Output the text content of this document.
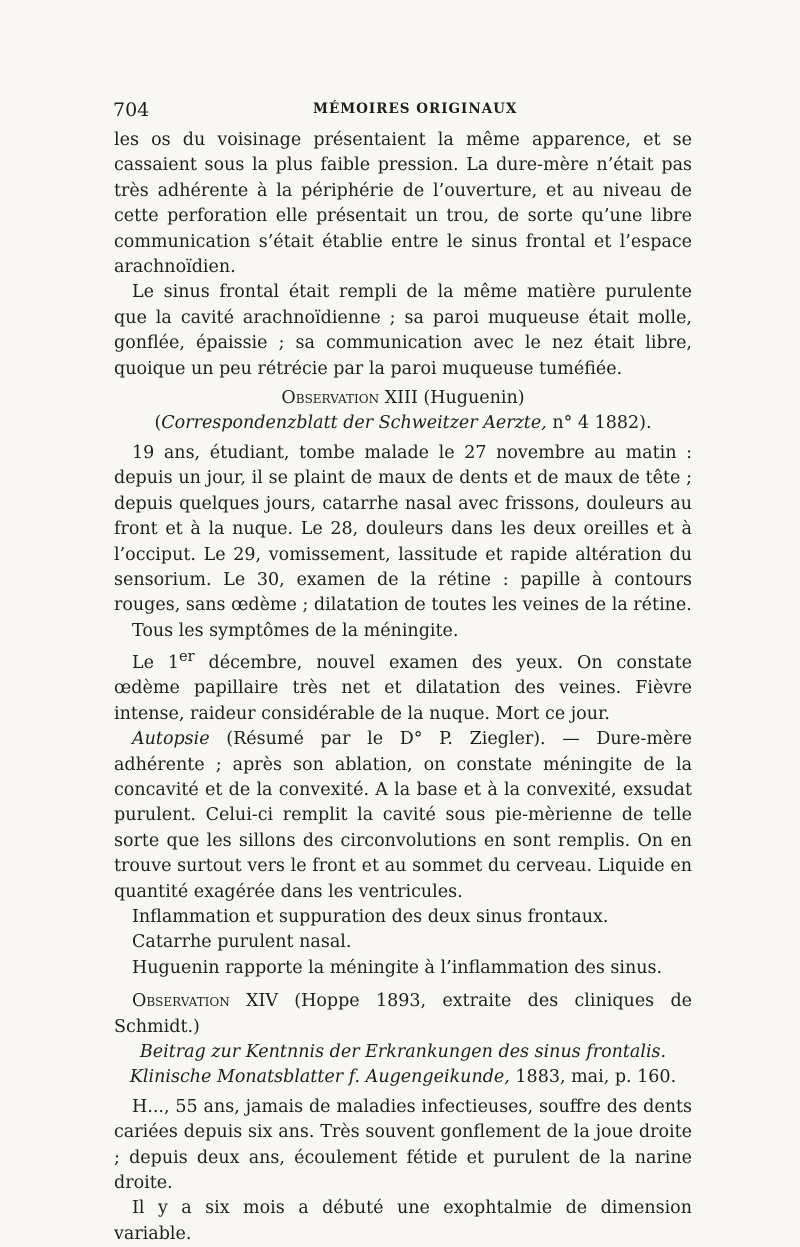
704	MÉMOIRES ORIGINAUX

les os du voisinage présentaient la même apparence, et se cassaient sous la plus faible pression. La dure-mère n’était pas très adhérente à la périphérie de l’ouverture, et au niveau de cette perforation elle présentait un trou, de sorte qu’une libre communication s’était établie entre le sinus frontal et l’espace arachnoïdien.

Le sinus frontal était rempli de la même matière purulente que la cavité arachnoïdienne ; sa paroi muqueuse était molle, gonflée, épaissie ; sa communication avec le nez était libre, quoique un peu rétrécie par la paroi muqueuse tuméfiée.

Observation XIII (Huguenin)

(Correspondenzblatt der Schweitzer Aerzte, n° 4 1882).

19 ans, étudiant, tombe malade le 27 novembre au matin : depuis un jour, il se plaint de maux de dents et de maux de tête ; depuis quelques jours, catarrhe nasal avec frissons, douleurs au front et à la nuque. Le 28, douleurs dans les deux oreilles et à l’occiput. Le 29, vomissement, lassitude et rapide altération du sensorium. Le 30, examen de la rétine : papille à contours rouges, sans œdème ; dilatation de toutes les veines de la rétine.

Tous les symptômes de la méningite.

Le 1er décembre, nouvel examen des yeux. On constate œdème papillaire très net et dilatation des veines. Fièvre intense, raideur considérable de la nuque. Mort ce jour.

Autopsie (Résumé par le D° P. Ziegler). — Dure-mère adhérente ; après son ablation, on constate méningite de la concavité et de la convexité. A la base et à la convexité, exsudat purulent. Celui-ci remplit la cavité sous pie-mèrienne de telle sorte que les sillons des circonvolutions en sont remplis. On en trouve surtout vers le front et au sommet du cerveau. Liquide en quantité exagérée dans les ventricules.

Inflammation et suppuration des deux sinus frontaux.

Catarrhe purulent nasal.

Huguenin rapporte la méningite à l’inflammation des sinus.

Observation XIV (Hoppe 1893, extraite des cliniques de Schmidt.)

Beitrag zur Kentnnis der Erkrankungen des sinus frontalis. Klinische Monatsblatter f. Augengeikunde, 1883, mai, p. 160.

H..., 55 ans, jamais de maladies infectieuses, souffre des dents cariées depuis six ans. Très souvent gonflement de la joue droite ; depuis deux ans, écoulement fétide et purulent de la narine droite.

Il y a six mois a débuté une exophtalmie de dimension variable.
